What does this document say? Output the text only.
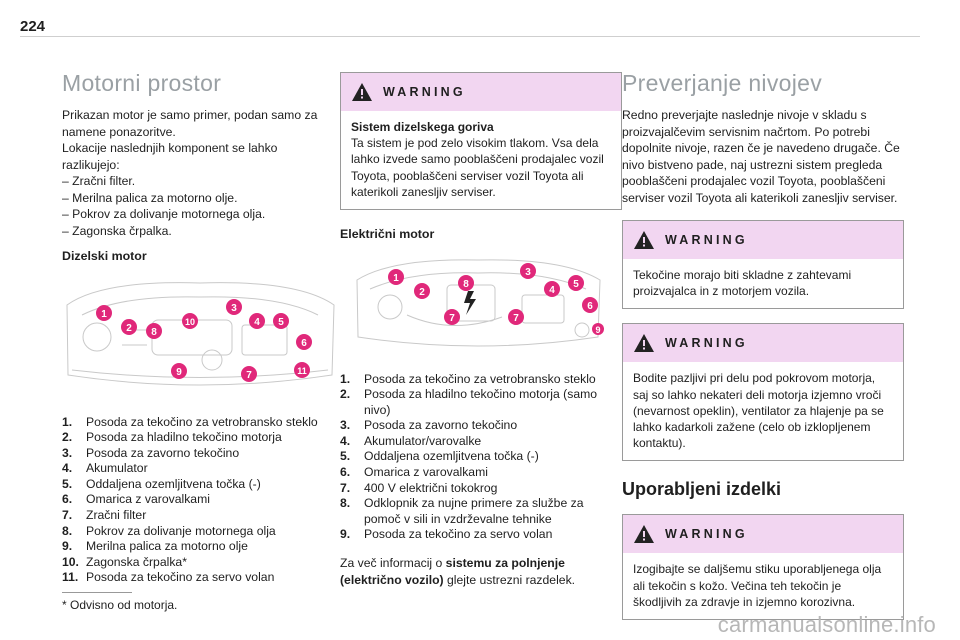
224
Motorni prostor

Prikazan motor je samo primer, podan samo za namene ponazoritve.

Lokacije naslednjih komponent se lahko razlikujejo:

– Zračni filter.
– Merilna palica za motorno olje.
– Pokrov za dolivanje motornega olja.
– Zagonska črpalka.

Dizelski motor

1
2 8
10
3
4 5
6
9	7	11
1.	Posoda za tekočino za vetrobransko steklo
2.	Posoda za hladilno tekočino motorja
3.	Posoda za zavorno tekočino
4.	Akumulator
5.	Oddaljena ozemljitvena točka (-)
6.	Omarica z varovalkami
7.	Zračni filter
8.	Pokrov za dolivanje motornega olja
9.	Merilna palica za motorno olje
10. Zagonska črpalka*
11. Posoda za tekočino za servo volan
* Odvisno od motorja.
WARNING
Sistem dizelskega goriva
Ta sistem je pod zelo visokim tlakom. Vsa dela lahko izvede samo pooblaščeni prodajalec vozil Toyota, pooblaščeni serviser vozil Toyota ali katerikoli zanesljiv serviser.

Električni motor

1
2
8
3
4
5
6
7	7
9
1.	Posoda za tekočino za vetrobransko steklo
2.	Posoda za hladilno tekočino motorja (samo nivo)
3.	Posoda za zavorno tekočino
4.	Akumulator/varovalke
5.	Oddaljena ozemljitvena točka (-)
6.	Omarica z varovalkami
7.	400 V električni tokokrog
8.	Odklopnik za nujne primere za službe za pomoč v sili in vzdrževalne tehnike
9.	Posoda za tekočino za servo volan

Za več informacij o sistemu za polnjenje (električno vozilo) glejte ustrezni razdelek.

Preverjanje nivojev

Redno preverjajte naslednje nivoje v skladu s proizvajalčevim servisnim načrtom. Po potrebi dopolnite nivoje, razen če je navedeno drugače. Če nivo bistveno pade, naj ustrezni sistem pregleda pooblaščeni prodajalec vozil Toyota, pooblaščeni serviser vozil Toyota ali katerikoli zanesljiv serviser.

WARNING
Tekočine morajo biti skladne z zahtevami proizvajalca in z motorjem vozila.
WARNING
Bodite pazljivi pri delu pod pokrovom motorja, saj so lahko nekateri deli motorja izjemno vroči (nevarnost opeklin), ventilator za hlajenje pa se lahko kadarkoli zažene (celo ob izklopljenem kontaktu).
Uporabljeni izdelki
WARNING
Izogibajte se daljšemu stiku uporabljenega olja ali tekočin s kožo. Večina teh tekočin je škodljivih za zdravje in izjemno korozivna.
carmanualsonline.info
